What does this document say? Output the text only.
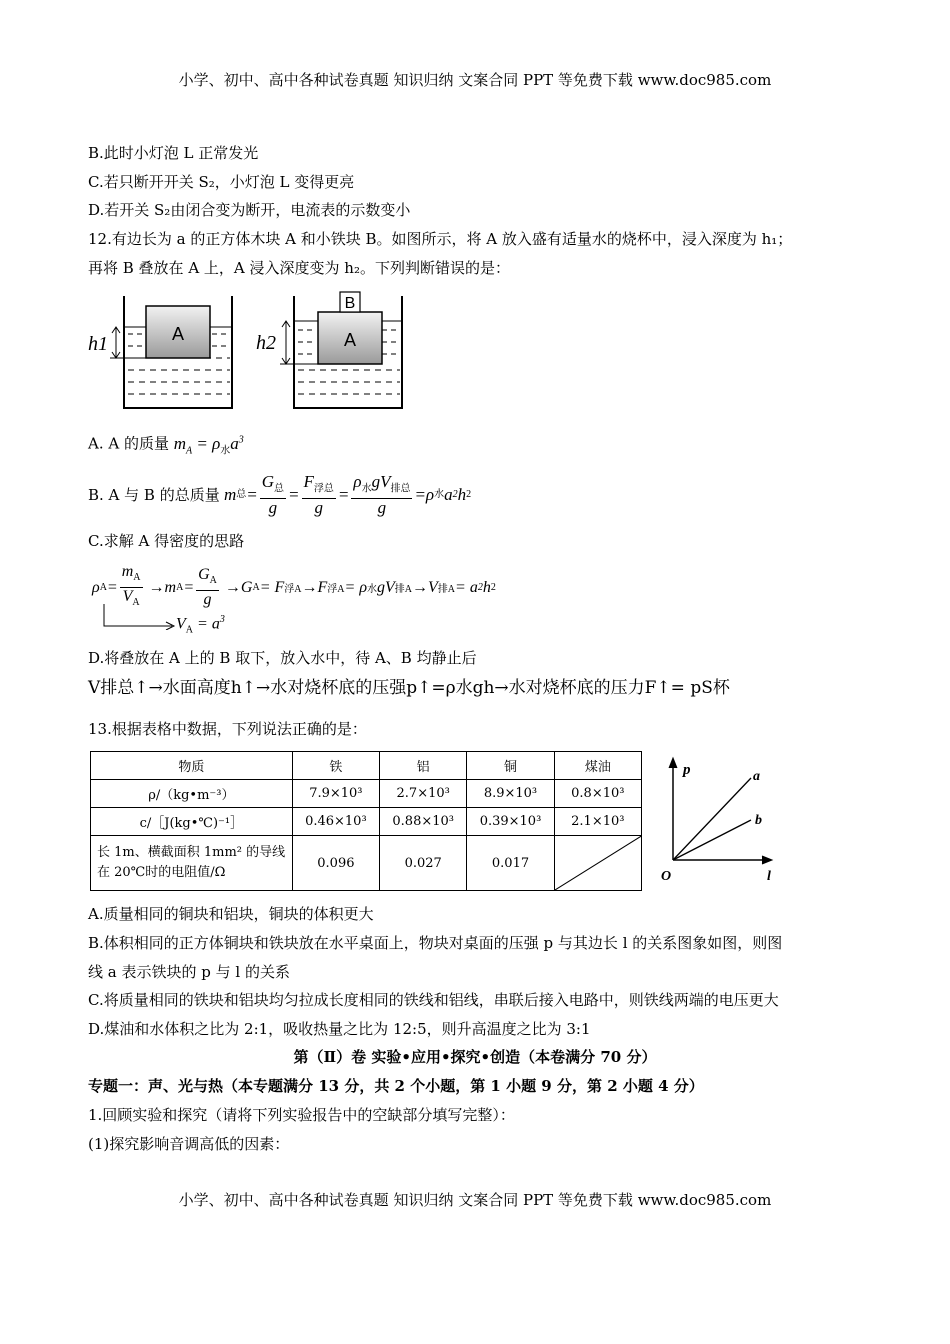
小学、初中、高中各种试卷真题 知识归纳 文案合同 PPT 等免费下载 www.doc985.com
B.此时小灯泡 L 正常发光
C.若只断开开关 S₂，小灯泡 L 变得更亮
D.若开关 S₂由闭合变为断开，电流表的示数变小
12.有边长为 a 的正方体木块 A 和小铁块 B。如图所示，将 A 放入盛有适量水的烧杯中，浸入深度为 h₁；
再将 B 叠放在 A 上，A 浸入深度变为 h₂。下列判断错误的是：
A
h1	A
B
h2
A. A 的质量 $m_A = \rho_水a^3$
B. A 与 B 的总质量 m 总 = $\frac{G_总}{g} = \frac{F_{浮总}}{g} = \frac{\rho_水gV_{排总}}{g} =\rho$ 水 a 2 h 2
C.求解 A 得密度的思路
ρ $A = \frac{m_A}{V_A} \to m$ $A = \frac{G_A}{g} \to G$ A = F 浮A →F 浮A = ρ 水 gV 排A →V 排A = a 2 h 2
$V_A = a^3$
D.将叠放在 A 上的 B 取下，放入水中，待 A、B 均静止后
V排总↑→水面高度h↑→水对烧杯底的压强p↑=ρ水gh→水对烧杯底的压力F↑= pS杯
13.根据表格中数据，下列说法正确的是：
物质	铁	铝	铜	煤油
ρ/（kg•m⁻³）	7.9×10³	2.7×10³	8.9×10³	0.8×10³
c/［J(kg•℃)⁻¹］	0.46×10³	0.88×10³	0.39×10³	2.1×10³
长 1m、横截面积 1mm² 的导线在 20℃时的电阻值/Ω	0.096	0.027	0.017	
p	a
b
O	l
A.质量相同的铜块和铝块，铜块的体积更大
B.体积相同的正方体铜块和铁块放在水平桌面上，物块对桌面的压强 p 与其边长 l 的关系图象如图，则图
线 a 表示铁块的 p 与 l 的关系
C.将质量相同的铁块和铝块均匀拉成长度相同的铁线和铝线，串联后接入电路中，则铁线两端的电压更大
D.煤油和水体积之比为 2:1，吸收热量之比为 12:5，则升高温度之比为 3:1
第（Ⅱ）卷 实验•应用•探究•创造（本卷满分 70 分）
专题一：声、光与热（本专题满分 13 分，共 2 个小题，第 1 小题 9 分，第 2 小题 4 分）
1.回顾实验和探究（请将下列实验报告中的空缺部分填写完整）：
(1)探究影响音调高低的因素：
小学、初中、高中各种试卷真题 知识归纳 文案合同 PPT 等免费下载 www.doc985.com
